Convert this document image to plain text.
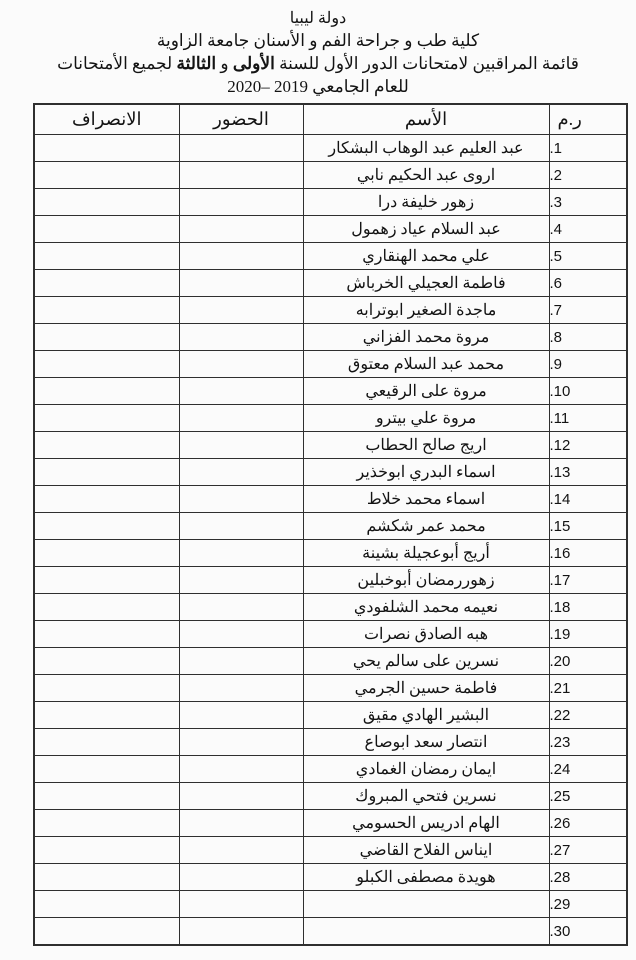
دولة ليبيا
كلية طب و جراحة الفم و الأسنان جامعة الزاوية
قائمة المراقبين لامتحانات الدور الأول للسنة الأولى و الثالثة لجميع الأمتحانات
للعام الجامعي 2019 –2020
ر.م	الأسم	الحضور	الانصراف
1.	عبد العليم عبد الوهاب البشكار		
2.	اروى عبد الحكيم نابي		
3.	زهور خليفة درا		
4.	عبد السلام عياد زهمول		
5.	علي محمد الهنقاري		
6.	فاطمة العجيلي الخرباش		
7.	ماجدة الصغير ابوترابه		
8.	مروة محمد الفزاني		
9.	محمد عبد السلام معتوق		
10.	مروة على الرقيعي		
11.	مروة علي بيترو		
12.	اريج صالح الحطاب		
13.	اسماء البدري ابوخذير		
14.	اسماء محمد خلاط		
15.	محمد عمر شكشم		
16.	أريج أبوعجيلة بشينة		
17.	زهوررمضان أبوخبلين		
18.	نعيمه محمد الشلفودي		
19.	هبه الصادق نصرات		
20.	نسرين على سالم يحي		
21.	فاطمة حسين الجرمي		
22.	البشير الهادي مقيق		
23.	انتصار سعد ابوصاع		
24.	ايمان رمضان الغمادي		
25.	نسرين فتحي المبروك		
26.	الهام ادريس الحسومي		
27.	ايناس الفلاح القاضي		
28.	هويدة مصطفى الكبلو		
29.			
30.			
